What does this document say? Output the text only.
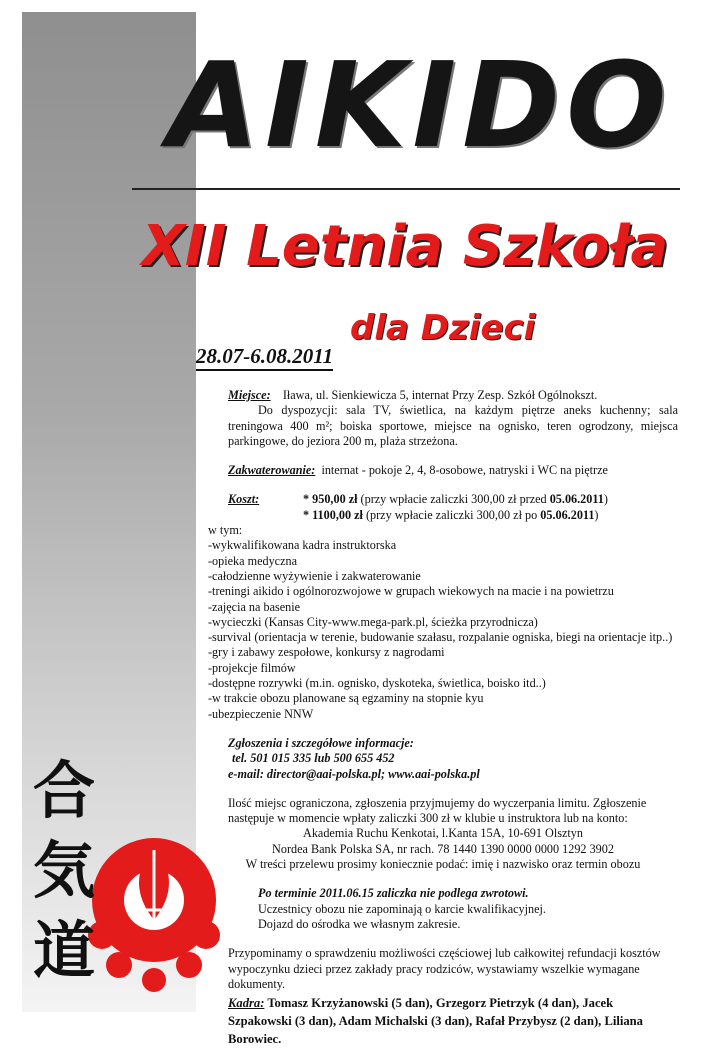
AIKIDO
XII Letnia Szkoła
dla Dzieci
28.07-6.08.2011

Miejsce: Iława, ul. Sienkiewicza 5, internat Przy Zesp. Szkół Ogólnokszt.

Do dyspozycji: sala TV, świetlica, na każdym piętrze aneks kuchenny; sala treningowa 400 m²; boiska sportowe, miejsce na ognisko, teren ogrodzony, miejsca parkingowe, do jeziora 200 m, plaża strzeżona.

Zakwaterowanie: internat - pokoje 2, 4, 8-osobowe, natryski i WC na piętrze

Koszt:	* 950,00 zł (przy wpłacie zaliczki 300,00 zł przed 05.06.2011)
* 1100,00 zł (przy wpłacie zaliczki 300,00 zł po 05.06.2011)

w tym:

-wykwalifikowana kadra instruktorska

-opieka medyczna

-całodzienne wyżywienie i zakwaterowanie

-treningi aikido i ogólnorozwojowe w grupach wiekowych na macie i na powietrzu

-zajęcia na basenie

-wycieczki (Kansas City-www.mega-park.pl, ścieżka przyrodnicza)

-survival (orientacja w terenie, budowanie szałasu, rozpalanie ogniska, biegi na orientacje itp..)

-gry i zabawy zespołowe, konkursy z nagrodami

-projekcje filmów

-dostępne rozrywki (m.in. ognisko, dyskoteka, świetlica, boisko itd..)

-w trakcie obozu planowane są egzaminy na stopnie kyu

-ubezpieczenie NNW

Zgłoszenia i szczegółowe informacje:

tel. 501 015 335 lub 500 655 452

e-mail: director@aai-polska.pl; www.aai-polska.pl

Ilość miejsc ograniczona, zgłoszenia przyjmujemy do wyczerpania limitu. Zgłoszenie następuje w momencie wpłaty zaliczki 300 zł w klubie u instruktora lub na konto:

Akademia Ruchu Kenkotai, l.Kanta 15A, 10-691 Olsztyn

Nordea Bank Polska SA, nr rach. 78 1440 1390 0000 0000 1292 3902

W treści przelewu prosimy koniecznie podać: imię i nazwisko oraz termin obozu

Po terminie 2011.06.15 zaliczka nie podlega zwrotowi.

Uczestnicy obozu nie zapominają o karcie kwalifikacyjnej.

Dojazd do ośrodka we własnym zakresie.

Przypominamy o sprawdzeniu możliwości częściowej lub całkowitej refundacji kosztów wypoczynku dzieci przez zakłady pracy rodziców, wystawiamy wszelkie wymagane dokumenty.

Kadra: Tomasz Krzyżanowski (5 dan), Grzegorz Pietrzyk (4 dan), Jacek Szpakowski (3 dan), Adam Michalski (3 dan), Rafał Przybysz (2 dan), Liliana Borowiec.

合
気
道
